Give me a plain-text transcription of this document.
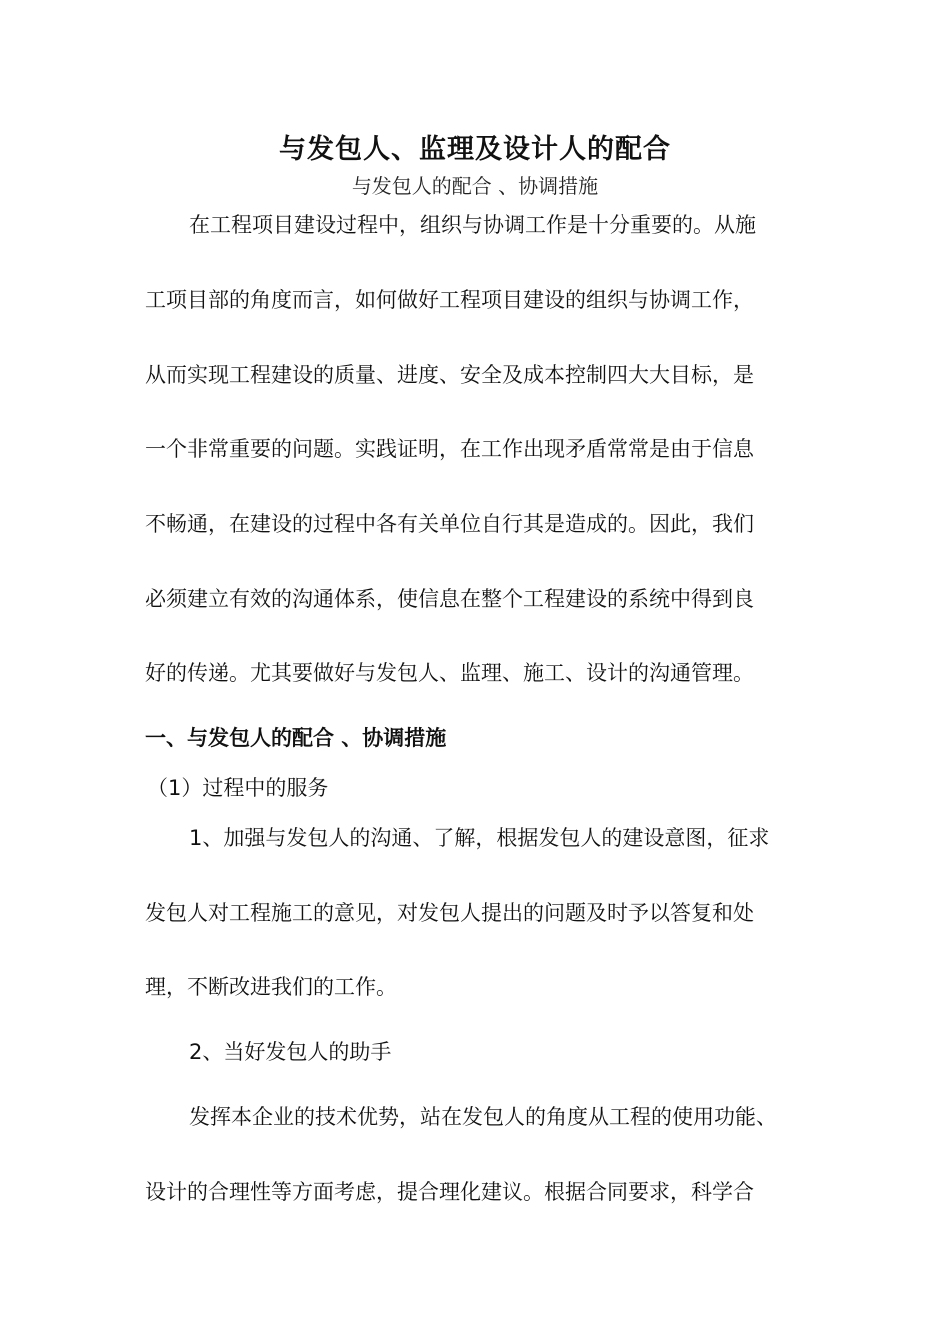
与发包人、监理及设计人的配合
与发包人的配合 、协调措施
在工程项目建设过程中，组织与协调工作是十分重要的。从施
工项目部的角度而言，如何做好工程项目建设的组织与协调工作，
从而实现工程建设的质量、进度、安全及成本控制四大大目标，是
一个非常重要的问题。实践证明，在工作出现矛盾常常是由于信息
不畅通，在建设的过程中各有关单位自行其是造成的。因此，我们
必须建立有效的沟通体系，使信息在整个工程建设的系统中得到良
好的传递。尤其要做好与发包人、监理、施工、设计的沟通管理。
一、与发包人的配合 、协调措施
（1）过程中的服务
1、加强与发包人的沟通、了解，根据发包人的建设意图，征求
发包人对工程施工的意见，对发包人提出的问题及时予以答复和处
理，不断改进我们的工作。
2、当好发包人的助手
发挥本企业的技术优势，站在发包人的角度从工程的使用功能、
设计的合理性等方面考虑，提合理化建议。根据合同要求，科学合
